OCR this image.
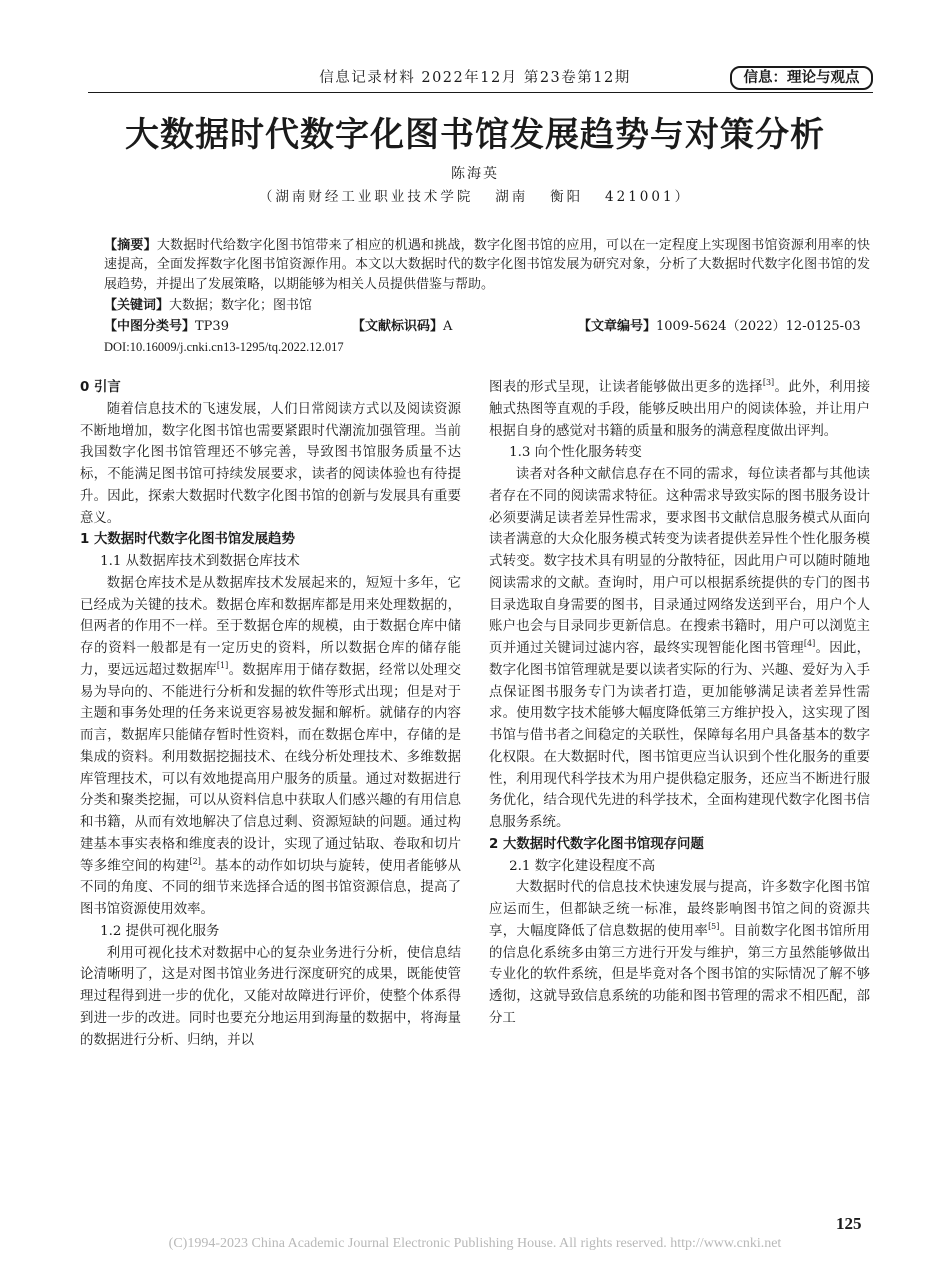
信息记录材料 2022年12月 第23卷第12期	信息：理论与观点
大数据时代数字化图书馆发展趋势与对策分析
陈海英
（湖南财经工业职业技术学院   湖南   衡阳   421001）
【摘要】大数据时代给数字化图书馆带来了相应的机遇和挑战，数字化图书馆的应用，可以在一定程度上实现图书馆资源利用率的快速提高，全面发挥数字化图书馆资源作用。本文以大数据时代的数字化图书馆发展为研究对象，分析了大数据时代数字化图书馆的发展趋势，并提出了发展策略，以期能够为相关人员提供借鉴与帮助。
【关键词】大数据；数字化；图书馆
【中图分类号】TP39	【文献标识码】A	【文章编号】1009-5624（2022）12-0125-03
DOI:10.16009/j.cnki.cn13-1295/tq.2022.12.017
0 引言

随着信息技术的飞速发展，人们日常阅读方式以及阅读资源不断地增加，数字化图书馆也需要紧跟时代潮流加强管理。当前我国数字化图书馆管理还不够完善，导致图书馆服务质量不达标，不能满足图书馆可持续发展要求，读者的阅读体验也有待提升。因此，探索大数据时代数字化图书馆的创新与发展具有重要意义。

1 大数据时代数字化图书馆发展趋势
1.1 从数据库技术到数据仓库技术

数据仓库技术是从数据库技术发展起来的，短短十多年，它已经成为关键的技术。数据仓库和数据库都是用来处理数据的，但两者的作用不一样。至于数据仓库的规模，由于数据仓库中储存的资料一般都是有一定历史的资料，所以数据仓库的储存能力，要远远超过数据库[1]。数据库用于储存数据，经常以处理交易为导向的、不能进行分析和发掘的软件等形式出现；但是对于主题和事务处理的任务来说更容易被发掘和解析。就储存的内容而言，数据库只能储存暂时性资料，而在数据仓库中，存储的是集成的资料。利用数据挖掘技术、在线分析处理技术、多维数据库管理技术，可以有效地提高用户服务的质量。通过对数据进行分类和聚类挖掘，可以从资料信息中获取人们感兴趣的有用信息和书籍，从而有效地解决了信息过剩、资源短缺的问题。通过构建基本事实表格和维度表的设计，实现了通过钻取、卷取和切片等多维空间的构建[2]。基本的动作如切块与旋转，使用者能够从不同的角度、不同的细节来选择合适的图书馆资源信息，提高了图书馆资源使用效率。

1.2 提供可视化服务

利用可视化技术对数据中心的复杂业务进行分析，使信息结论清晰明了，这是对图书馆业务进行深度研究的成果，既能使管理过程得到进一步的优化，又能对故障进行评价，使整个体系得到进一步的改进。同时也要充分地运用到海量的数据中，将海量的数据进行分析、归纳，并以

图表的形式呈现，让读者能够做出更多的选择[3]。此外，利用接触式热图等直观的手段，能够反映出用户的阅读体验，并让用户根据自身的感觉对书籍的质量和服务的满意程度做出评判。

1.3 向个性化服务转变

读者对各种文献信息存在不同的需求，每位读者都与其他读者存在不同的阅读需求特征。这种需求导致实际的图书服务设计必须要满足读者差异性需求，要求图书文献信息服务模式从面向读者满意的大众化服务模式转变为读者提供差异性个性化服务模式转变。数字技术具有明显的分散特征，因此用户可以随时随地阅读需求的文献。查询时，用户可以根据系统提供的专门的图书目录选取自身需要的图书，目录通过网络发送到平台，用户个人账户也会与目录同步更新信息。在搜索书籍时，用户可以浏览主页并通过关键词过滤内容，最终实现智能化图书管理[4]。因此，数字化图书馆管理就是要以读者实际的行为、兴趣、爱好为入手点保证图书服务专门为读者打造，更加能够满足读者差异性需求。使用数字技术能够大幅度降低第三方维护投入，这实现了图书馆与借书者之间稳定的关联性，保障每名用户具备基本的数字化权限。在大数据时代，图书馆更应当认识到个性化服务的重要性，利用现代科学技术为用户提供稳定服务，还应当不断进行服务优化，结合现代先进的科学技术，全面构建现代数字化图书信息服务系统。

2 大数据时代数字化图书馆现存问题
2.1 数字化建设程度不高

大数据时代的信息技术快速发展与提高，许多数字化图书馆应运而生，但都缺乏统一标准，最终影响图书馆之间的资源共享，大幅度降低了信息数据的使用率[5]。目前数字化图书馆所用的信息化系统多由第三方进行开发与维护，第三方虽然能够做出专业化的软件系统，但是毕竟对各个图书馆的实际情况了解不够透彻，这就导致信息系统的功能和图书管理的需求不相匹配，部分工

125
(C)1994-2023 China Academic Journal Electronic Publishing House. All rights reserved. http://www.cnki.net
